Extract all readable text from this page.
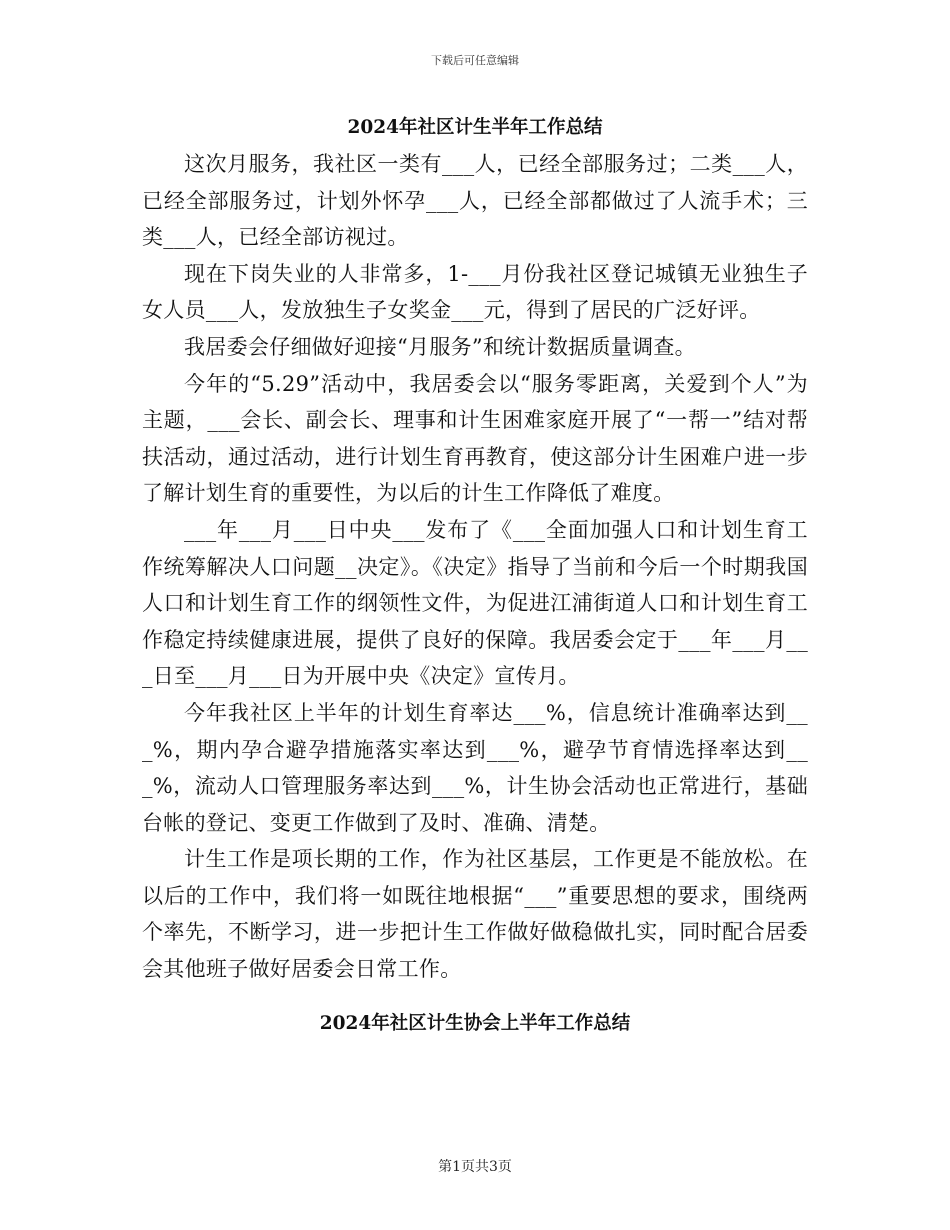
下载后可任意编辑
2024年社区计生半年工作总结

这次月服务，我社区一类有___人，已经全部服务过；二类___人，已经全部服务过，计划外怀孕___人，已经全部都做过了人流手术；三类___人，已经全部访视过。

现在下岗失业的人非常多，1-___月份我社区登记城镇无业独生子女人员___人，发放独生子女奖金___元，得到了居民的广泛好评。

我居委会仔细做好迎接“月服务”和统计数据质量调查。

今年的“5.29”活动中，我居委会以“服务零距离，关爱到个人”为主题，___会长、副会长、理事和计生困难家庭开展了“一帮一”结对帮扶活动，通过活动，进行计划生育再教育，使这部分计生困难户进一步了解计划生育的重要性，为以后的计生工作降低了难度。

___年___月___日中央___发布了《___全面加强人口和计划生育工作统筹解决人口问题__决定》。《决定》指导了当前和今后一个时期我国人口和计划生育工作的纲领性文件，为促进江浦街道人口和计划生育工作稳定持续健康进展，提供了良好的保障。我居委会定于___年___月___日至___月___日为开展中央《决定》宣传月。

今年我社区上半年的计划生育率达___%，信息统计准确率达到___%，期内孕合避孕措施落实率达到___%，避孕节育情选择率达到___%，流动人口管理服务率达到___%，计生协会活动也正常进行，基础台帐的登记、变更工作做到了及时、准确、清楚。

计生工作是项长期的工作，作为社区基层，工作更是不能放松。在以后的工作中，我们将一如既往地根据“___”重要思想的要求，围绕两个率先，不断学习，进一步把计生工作做好做稳做扎实，同时配合居委会其他班子做好居委会日常工作。

2024年社区计生协会上半年工作总结
第1页共3页
